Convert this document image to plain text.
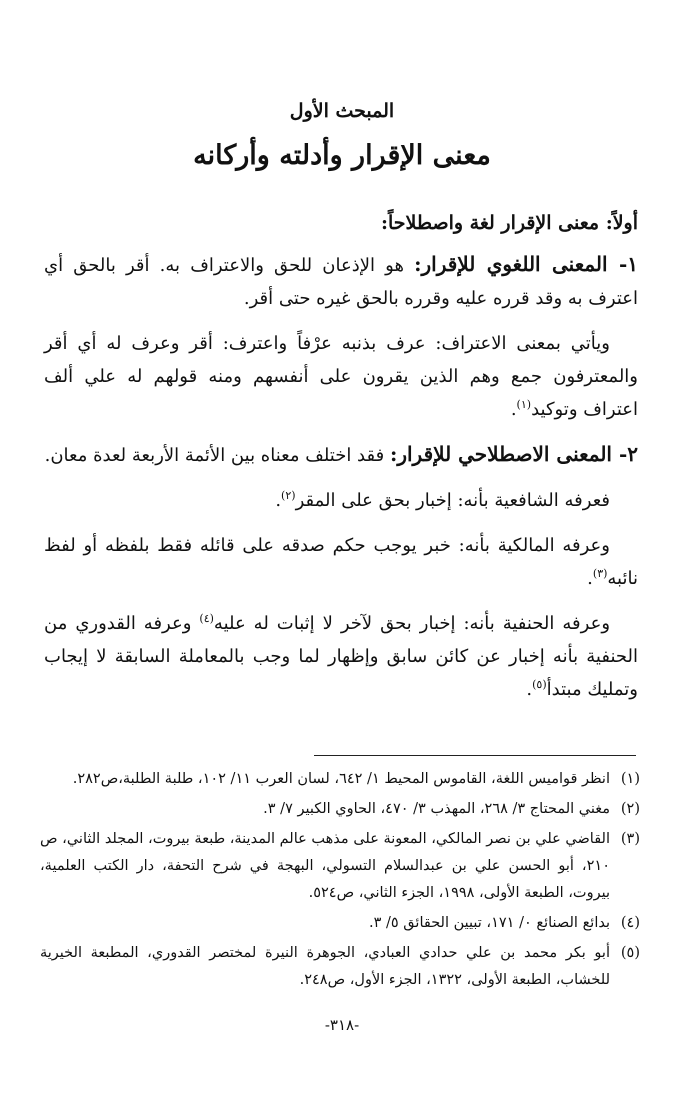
المبحث الأول
معنى الإقرار وأدلته وأركانه

أولاً: معنى الإقرار لغة واصطلاحاً:

١- المعنى اللغوي للإقرار: هو الإذعان للحق والاعتراف به. أقر بالحق أي اعترف به وقد قرره عليه وقرره بالحق غيره حتى أقر.

ويأتي بمعنى الاعتراف: عرف بذنبه عرْفاً واعترف: أقر وعرف له أي أقر والمعترفون جمع وهم الذين يقرون على أنفسهم ومنه قولهم له علي ألف اعتراف وتوكيد$^{(١)}$.

٢- المعنى الاصطلاحي للإقرار: فقد اختلف معناه بين الأئمة الأربعة لعدة معان.

فعرفه الشافعية بأنه: إخبار بحق على المقر$^{(٢)}$.

وعرفه المالكية بأنه: خبر يوجب حكم صدقه على قائله فقط بلفظه أو لفظ نائبه$^{(٣)}$.

وعرفه الحنفية بأنه: إخبار بحق لآخر لا إثبات له عليه$^{(٤)}$ وعرفه القدوري من الحنفية بأنه إخبار عن كائن سابق وإظهار لما وجب بالمعاملة السابقة لا إيجاب وتمليك مبتدأ$^{(٥)}$.

(١)
انظر قواميس اللغة، القاموس المحيط ١/ ٦٤٢، لسان العرب ١١/ ١٠٢، طلبة الطلبة،ص٢٨٢.

(٢)
مغني المحتاج ٣/ ٢٦٨، المهذب ٣/ ٤٧٠، الحاوي الكبير ٧/ ٣.

(٣)
القاضي علي بن نصر المالكي، المعونة على مذهب عالم المدينة، طبعة بيروت، المجلد الثاني، ص ٢١٠، أبو الحسن علي بن عبدالسلام التسولي، البهجة في شرح التحفة، دار الكتب العلمية، بيروت، الطبعة الأولى، ١٩٩٨، الجزء الثاني، ص٥٢٤.

(٤)
بدائع الصنائع ٠/ ١٧١، تبيين الحقائق ٥/ ٣.

(٥)
أبو بكر محمد بن علي حدادي العبادي، الجوهرة النيرة لمختصر القدوري، المطبعة الخيرية للخشاب، الطبعة الأولى، ١٣٢٢، الجزء الأول، ص٢٤٨.

-٣١٨-
